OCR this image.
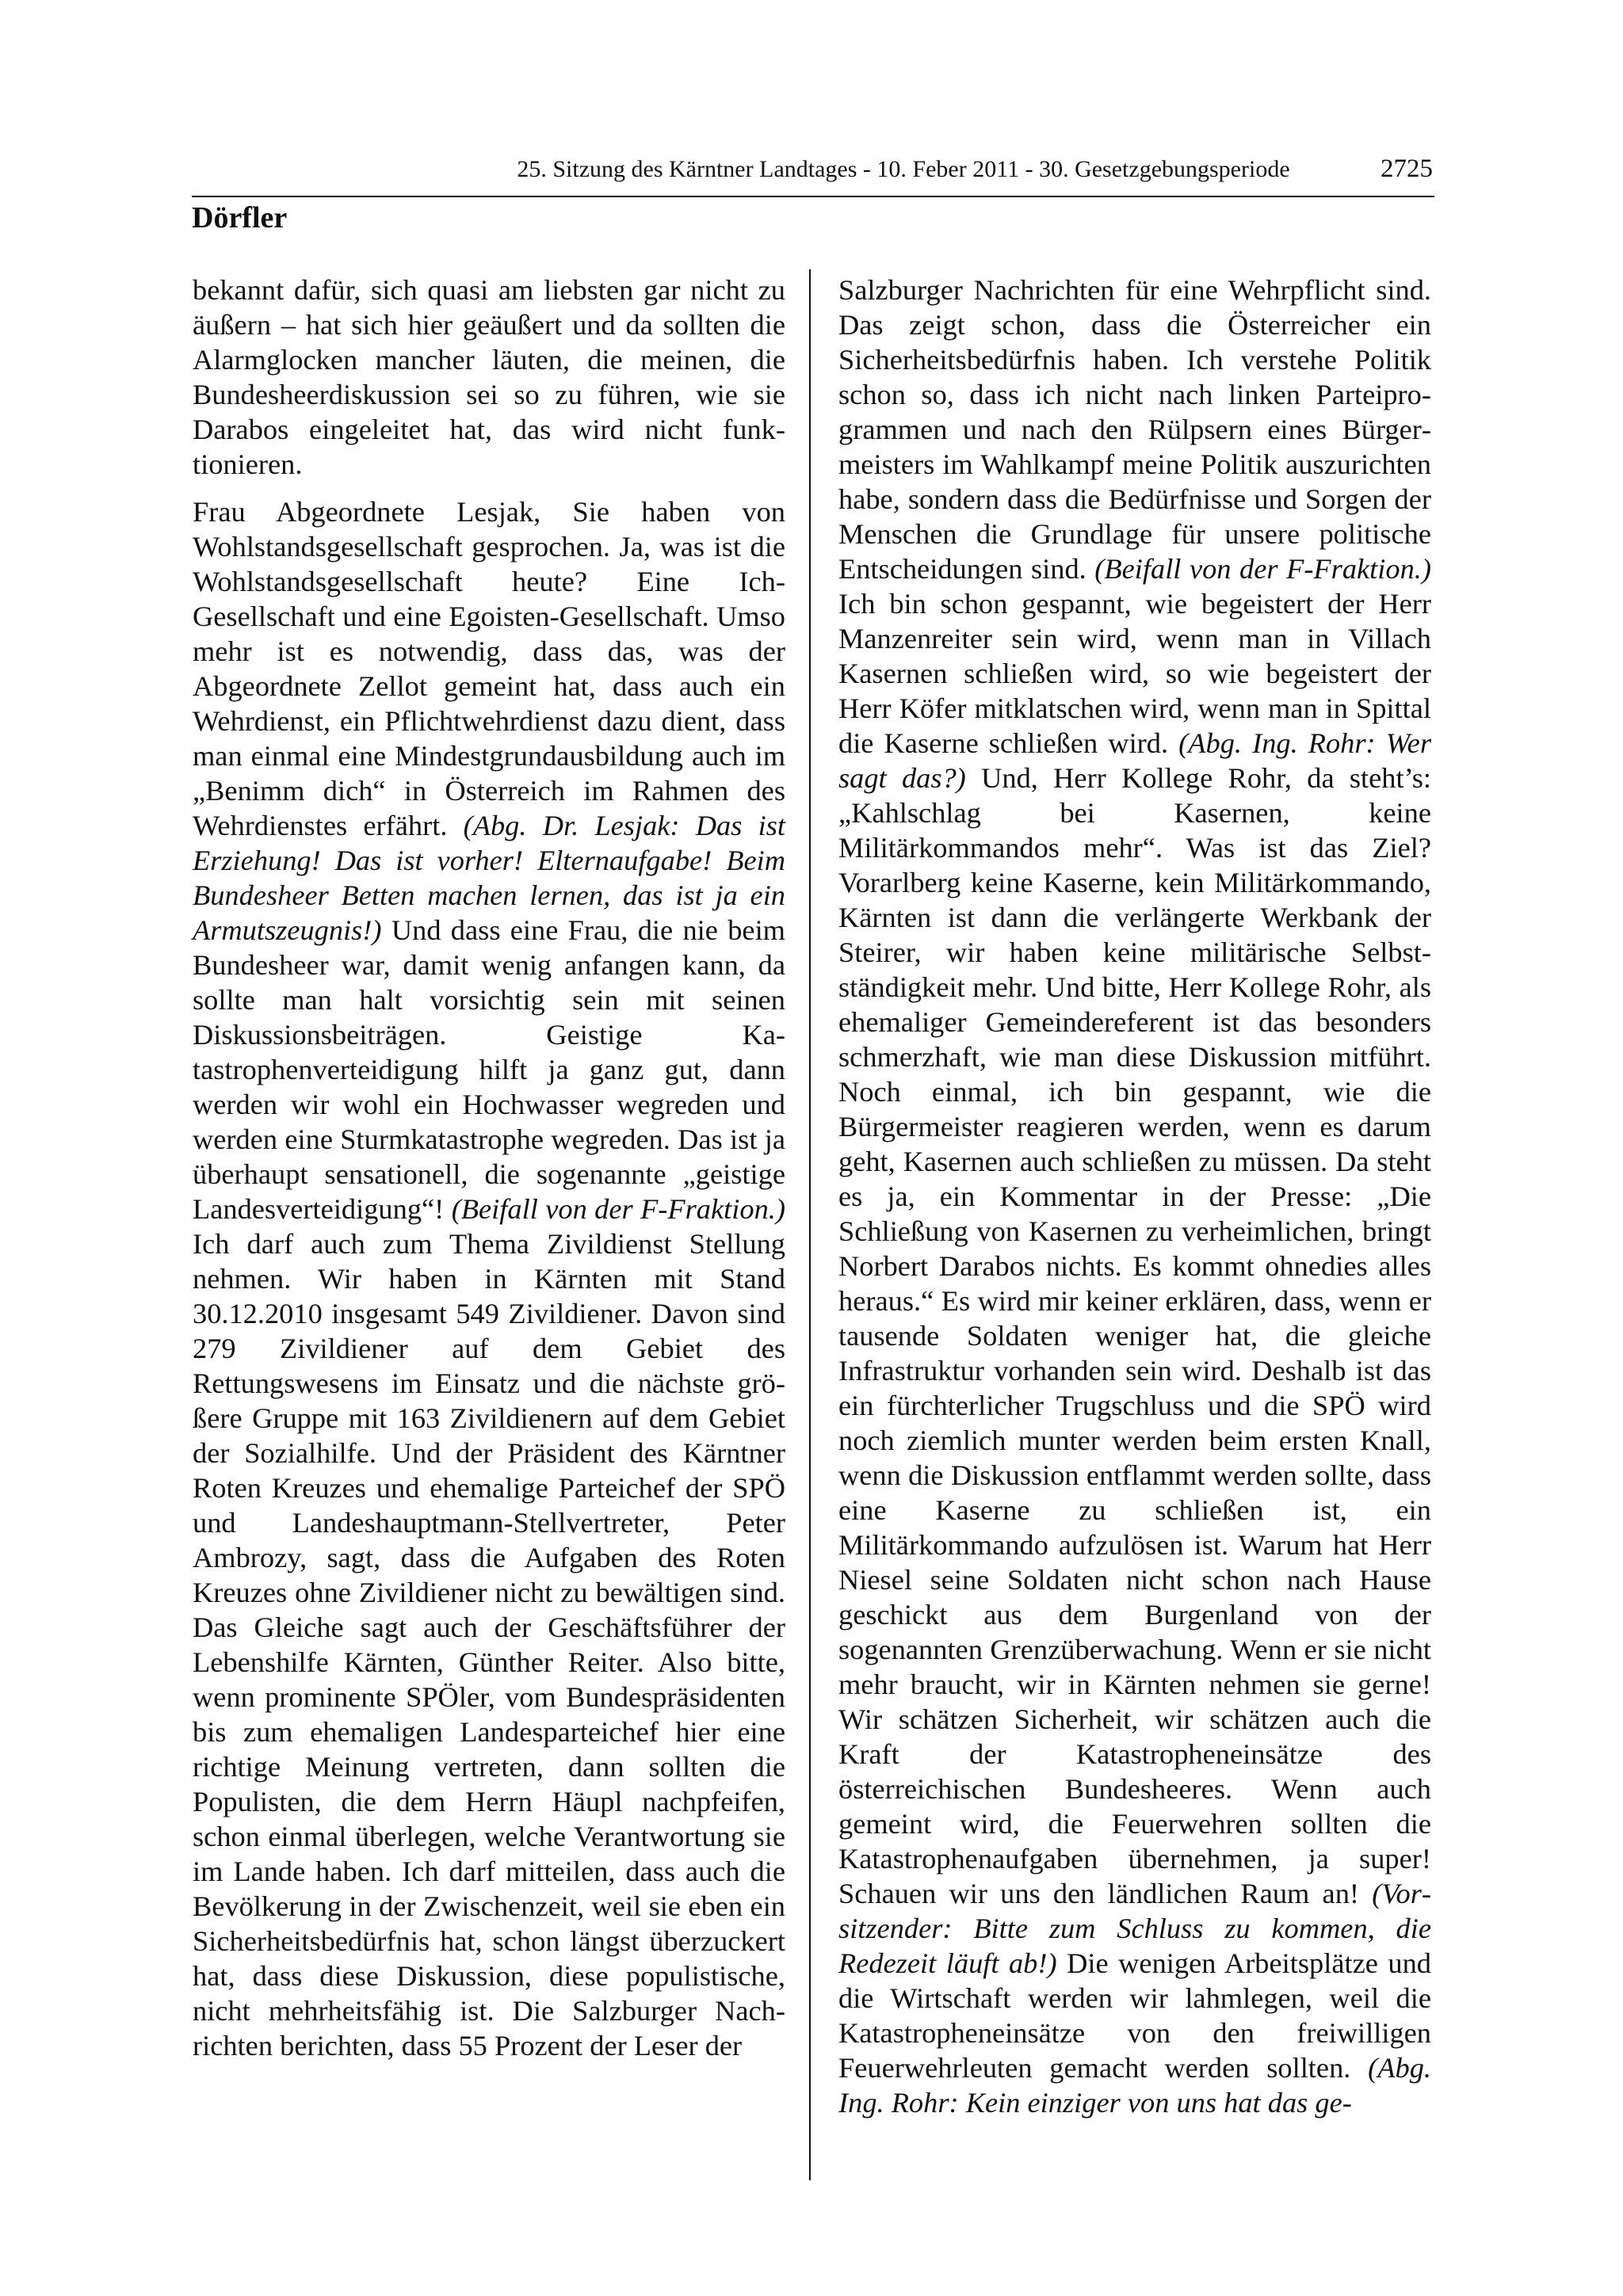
25. Sitzung des Kärntner Landtages - 10. Feber 2011 - 30. Gesetzgebungsperiode	2725
Dörfler

bekannt dafür, sich quasi am liebsten gar nicht zu äußern – hat sich hier geäußert und da sollten die Alarmglocken mancher läuten, die meinen, die Bundesheerdiskussion sei so zu führen, wie sie Darabos eingeleitet hat, das wird nicht funktionieren.

Frau Abgeordnete Lesjak, Sie haben von Wohlstandsgesellschaft gesprochen. Ja, was ist die Wohlstandsgesellschaft heute? Eine Ich-Gesellschaft und eine Egoisten-Gesellschaft. Umso mehr ist es notwendig, dass das, was der Abgeordnete Zellot gemeint hat, dass auch ein Wehrdienst, ein Pflichtwehrdienst dazu dient, dass man einmal eine Mindestgrundausbildung auch im „Benimm dich“ in Österreich im Rahmen des Wehrdienstes erfährt. (Abg. Dr. Lesjak: Das ist Erziehung! Das ist vorher! Elternaufgabe! Beim Bundesheer Betten machen lernen, das ist ja ein Armutszeugnis!) Und dass eine Frau, die nie beim Bundesheer war, damit wenig anfangen kann, da sollte man halt vorsichtig sein mit seinen Diskussionsbeiträgen. Geistige Katastrophenverteidigung hilft ja ganz gut, dann werden wir wohl ein Hochwasser wegreden und werden eine Sturmkatastrophe wegreden. Das ist ja überhaupt sensationell, die sogenannte „geistige Landesverteidigung“! (Beifall von der F-Fraktion.) Ich darf auch zum Thema Zivildienst Stellung nehmen. Wir haben in Kärnten mit Stand 30.12.2010 insgesamt 549 Zivildiener. Davon sind 279 Zivildiener auf dem Gebiet des Rettungswesens im Einsatz und die nächste größere Gruppe mit 163 Zivildienern auf dem Gebiet der Sozialhilfe. Und der Präsident des Kärntner Roten Kreuzes und ehemalige Parteichef der SPÖ und Landeshauptmann-Stellvertreter, Peter Ambrozy, sagt, dass die Aufgaben des Roten Kreuzes ohne Zivildiener nicht zu bewältigen sind. Das Gleiche sagt auch der Geschäftsführer der Lebenshilfe Kärnten, Günther Reiter. Also bitte, wenn prominente SPÖler, vom Bundespräsidenten bis zum ehemaligen Landesparteichef hier eine richtige Meinung vertreten, dann sollten die Populisten, die dem Herrn Häupl nachpfeifen, schon einmal überlegen, welche Verantwortung sie im Lande haben. Ich darf mitteilen, dass auch die Bevölkerung in der Zwischenzeit, weil sie eben ein Sicherheitsbedürfnis hat, schon längst überzuckert hat, dass diese Diskussion, diese populistische, nicht mehrheitsfähig ist. Die Salzburger Nachrichten berichten, dass 55 Prozent der Leser der

Salzburger Nachrichten für eine Wehrpflicht sind. Das zeigt schon, dass die Österreicher ein Sicherheitsbedürfnis haben. Ich verstehe Politik schon so, dass ich nicht nach linken Parteiprogrammen und nach den Rülpsern eines Bürgermeisters im Wahlkampf meine Politik auszurichten habe, sondern dass die Bedürfnisse und Sorgen der Menschen die Grundlage für unsere politische Entscheidungen sind. (Beifall von der F-Fraktion.) Ich bin schon gespannt, wie begeistert der Herr Manzenreiter sein wird, wenn man in Villach Kasernen schließen wird, so wie begeistert der Herr Köfer mitklatschen wird, wenn man in Spittal die Kaserne schließen wird. (Abg. Ing. Rohr: Wer sagt das?) Und, Herr Kollege Rohr, da steht’s: „Kahlschlag bei Kasernen, keine Militärkommandos mehr“. Was ist das Ziel? Vorarlberg keine Kaserne, kein Militärkommando, Kärnten ist dann die verlängerte Werkbank der Steirer, wir haben keine militärische Selbstständigkeit mehr. Und bitte, Herr Kollege Rohr, als ehemaliger Gemeindereferent ist das besonders schmerzhaft, wie man diese Diskussion mitführt. Noch einmal, ich bin gespannt, wie die Bürgermeister reagieren werden, wenn es darum geht, Kasernen auch schließen zu müssen. Da steht es ja, ein Kommentar in der Presse: „Die Schließung von Kasernen zu verheimlichen, bringt Norbert Darabos nichts. Es kommt ohnedies alles heraus.“ Es wird mir keiner erklären, dass, wenn er tausende Soldaten weniger hat, die gleiche Infrastruktur vorhanden sein wird. Deshalb ist das ein fürchterlicher Trugschluss und die SPÖ wird noch ziemlich munter werden beim ersten Knall, wenn die Diskussion entflammt werden sollte, dass eine Kaserne zu schließen ist, ein Militärkommando aufzulösen ist. Warum hat Herr Niesel seine Soldaten nicht schon nach Hause geschickt aus dem Burgenland von der sogenannten Grenzüberwachung. Wenn er sie nicht mehr braucht, wir in Kärnten nehmen sie gerne! Wir schätzen Sicherheit, wir schätzen auch die Kraft der Katastropheneinsätze des österreichischen Bundesheeres. Wenn auch gemeint wird, die Feuerwehren sollten die Katastrophenaufgaben übernehmen, ja super! Schauen wir uns den ländlichen Raum an! (Vorsitzender: Bitte zum Schluss zu kommen, die Redezeit läuft ab!) Die wenigen Arbeitsplätze und die Wirtschaft werden wir lahmlegen, weil die Katastropheneinsätze von den freiwilligen Feuerwehrleuten gemacht werden sollten. (Abg. Ing. Rohr: Kein einziger von uns hat das ge-
